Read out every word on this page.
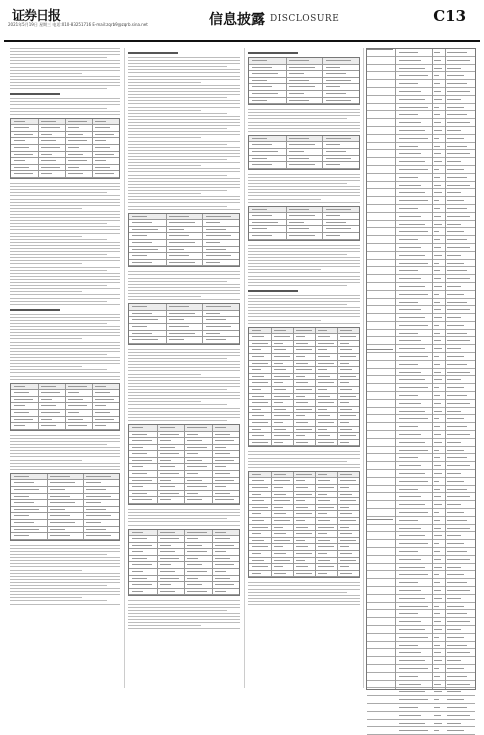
证券日报
2021年5月19日 星期三 电话:010-83251716 E-mail:zqrb9@zqrb.sina.net	信息披露 DISCLOSURE	C13
